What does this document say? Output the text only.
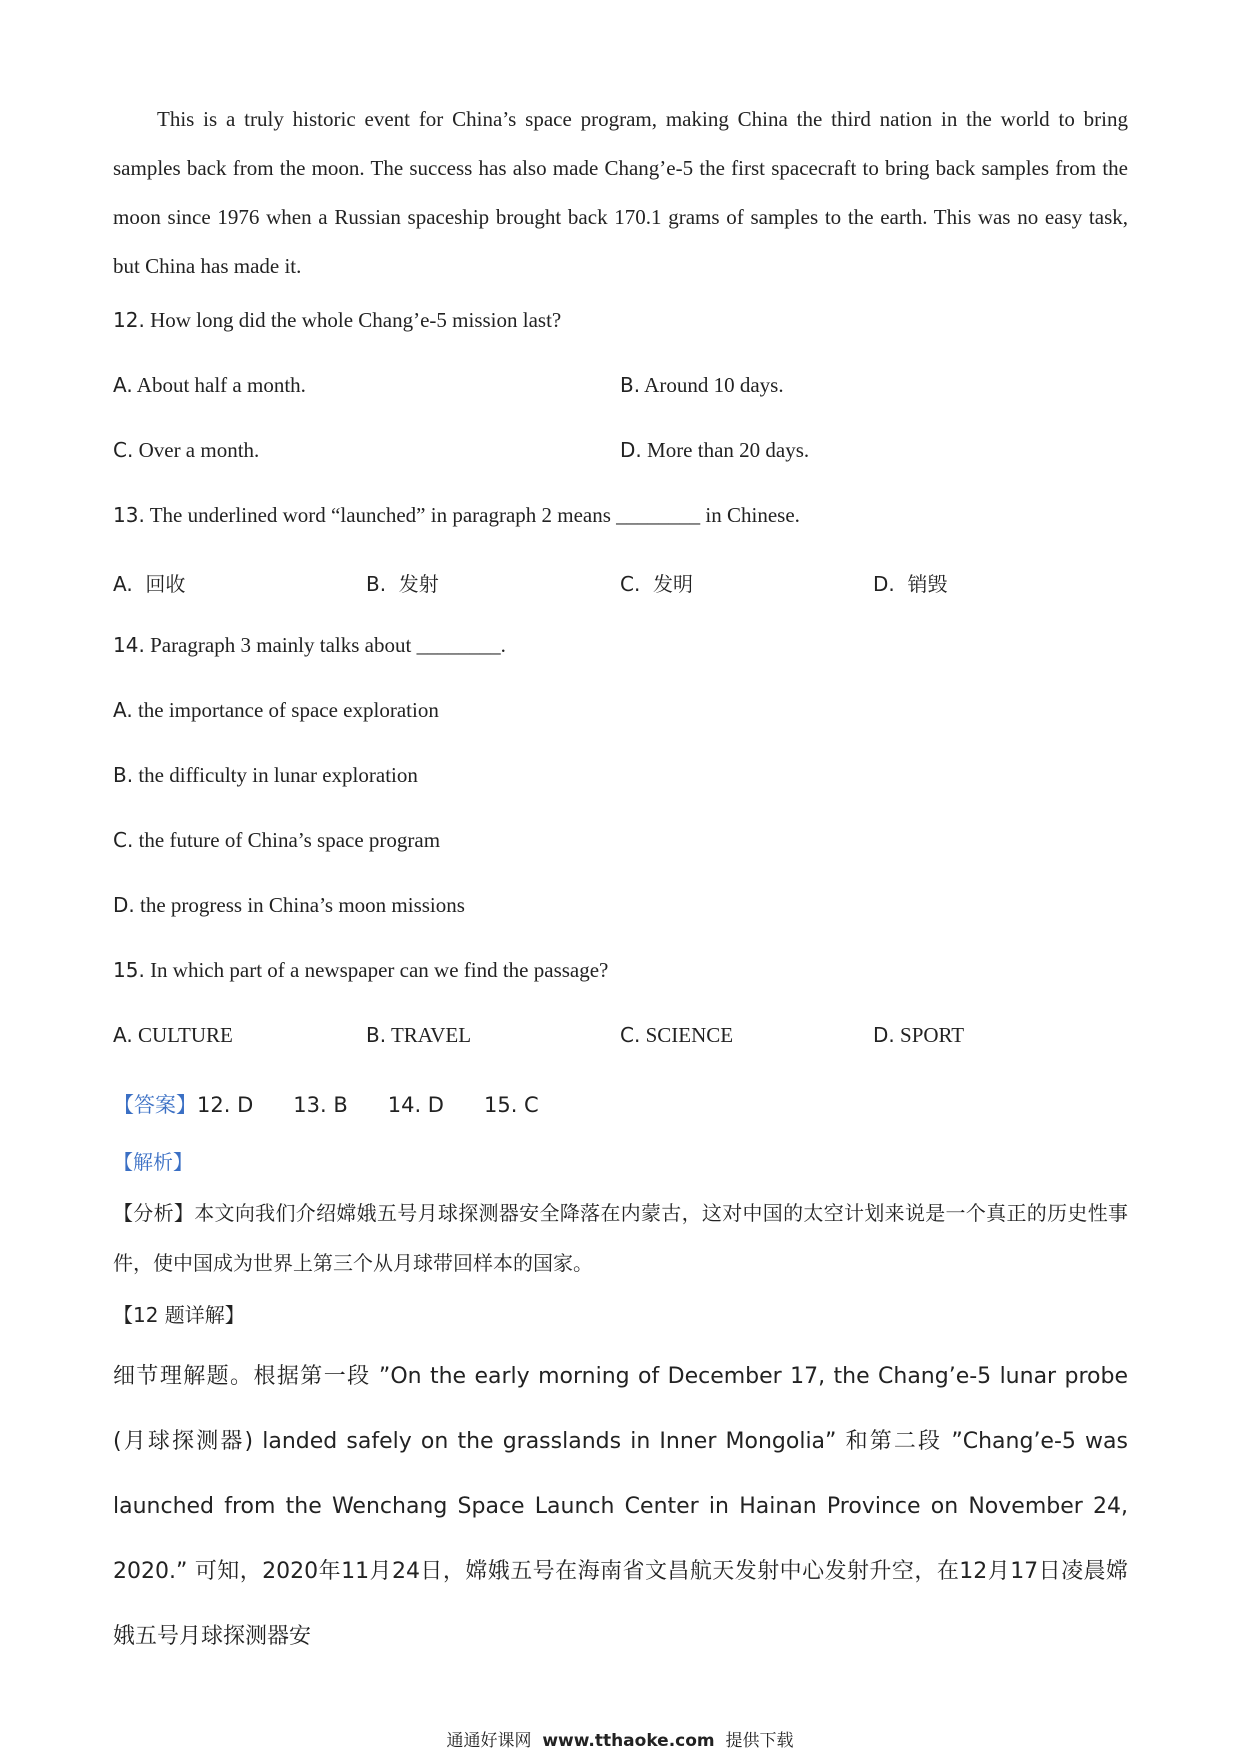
This is a truly historic event for China’s space program, making China the third nation in the world to bring samples back from the moon. The success has also made Chang’e-5 the first spacecraft to bring back samples from the moon since 1976 when a Russian spaceship brought back 170.1 grams of samples to the earth. This was no easy task, but China has made it.
12. How long did the whole Chang’e-5 mission last?
A. About half a month.	B. Around 10 days.
C. Over a month.	D. More than 20 days.
13. The underlined word “launched” in paragraph 2 means ________ in Chinese.
A. 回收	B. 发射	C. 发明	D. 销毁
14. Paragraph 3 mainly talks about ________.
A. the importance of space exploration
B. the difficulty in lunar exploration
C. the future of China’s space program
D. the progress in China’s moon missions
15. In which part of a newspaper can we find the passage?
A. CULTURE	B. TRAVEL	C. SCIENCE	D. SPORT
【答案】12. D 13. B 14. D 15. C
【解析】
【分析】本文向我们介绍嫦娥五号月球探测器安全降落在内蒙古，这对中国的太空计划来说是一个真正的历史性事件，使中国成为世界上第三个从月球带回样本的国家。
【12 题详解】
细节理解题。根据第一段 ”On the early morning of December 17, the Chang’e-5 lunar probe (月球探测器) landed safely on the grasslands in Inner Mongolia” 和第二段 ”Chang’e-5 was launched from the Wenchang Space Launch Center in Hainan Province on November 24, 2020.” 可知，2020年11月24日，嫦娥五号在海南省文昌航天发射中心发射升空，在12月17日凌晨嫦娥五号月球探测器安
通通好课网 www.tthaoke.com 提供下载
